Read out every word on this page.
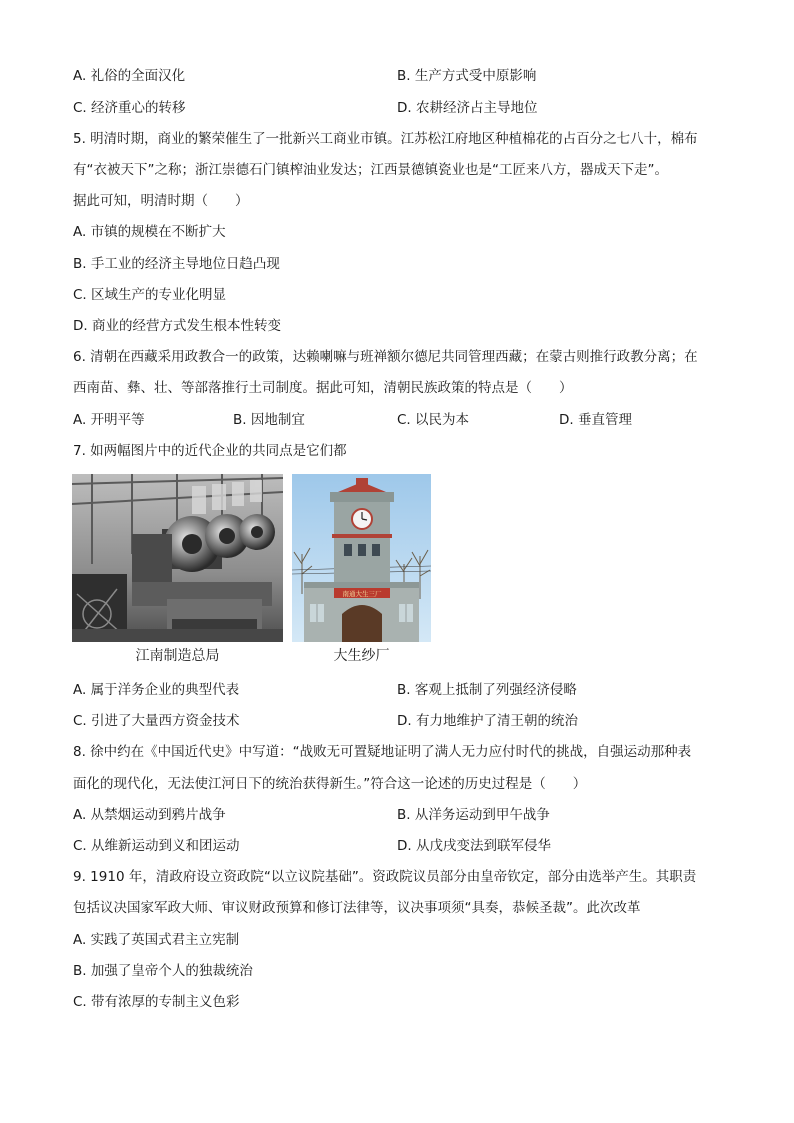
A. 礼俗的全面汉化	B. 生产方式受中原影响
C. 经济重心的转移	D. 农耕经济占主导地位
5. 明清时期，商业的繁荣催生了一批新兴工商业市镇。江苏松江府地区种植棉花的占百分之七八十，棉布
有“衣被天下”之称；浙江崇德石门镇榨油业发达；江西景德镇瓷业也是“工匠来八方，器成天下走”。
据此可知，明清时期（　　）
A. 市镇的规模在不断扩大
B. 手工业的经济主导地位日趋凸现
C. 区域生产的专业化明显
D. 商业的经营方式发生根本性转变
6. 清朝在西藏采用政教合一的政策，达赖喇嘛与班禅额尔德尼共同管理西藏；在蒙古则推行政教分离；在
西南苗、彝、壮、等部落推行土司制度。据此可知，清朝民族政策的特点是（　　）
A. 开明平等	B. 因地制宜	C. 以民为本	D. 垂直管理
7. 如两幅图片中的近代企业的共同点是它们都
江南制造总局
南通大生三厂
大生纱厂
A. 属于洋务企业的典型代表	B. 客观上抵制了列强经济侵略
C. 引进了大量西方资金技术	D. 有力地维护了清王朝的统治
8. 徐中约在《中国近代史》中写道：“战败无可置疑地证明了满人无力应付时代的挑战，自强运动那种表
面化的现代化，无法使江河日下的统治获得新生。”符合这一论述的历史过程是（　　）
A. 从禁烟运动到鸦片战争	B. 从洋务运动到甲午战争
C. 从维新运动到义和团运动	D. 从戊戌变法到联军侵华
9. 1910 年，清政府设立资政院“以立议院基础”。资政院议员部分由皇帝钦定，部分由选举产生。其职责
包括议决国家军政大师、审议财政预算和修订法律等，议决事项须“具奏，恭候圣裁”。此次改革
A. 实践了英国式君主立宪制
B. 加强了皇帝个人的独裁统治
C. 带有浓厚的专制主义色彩
